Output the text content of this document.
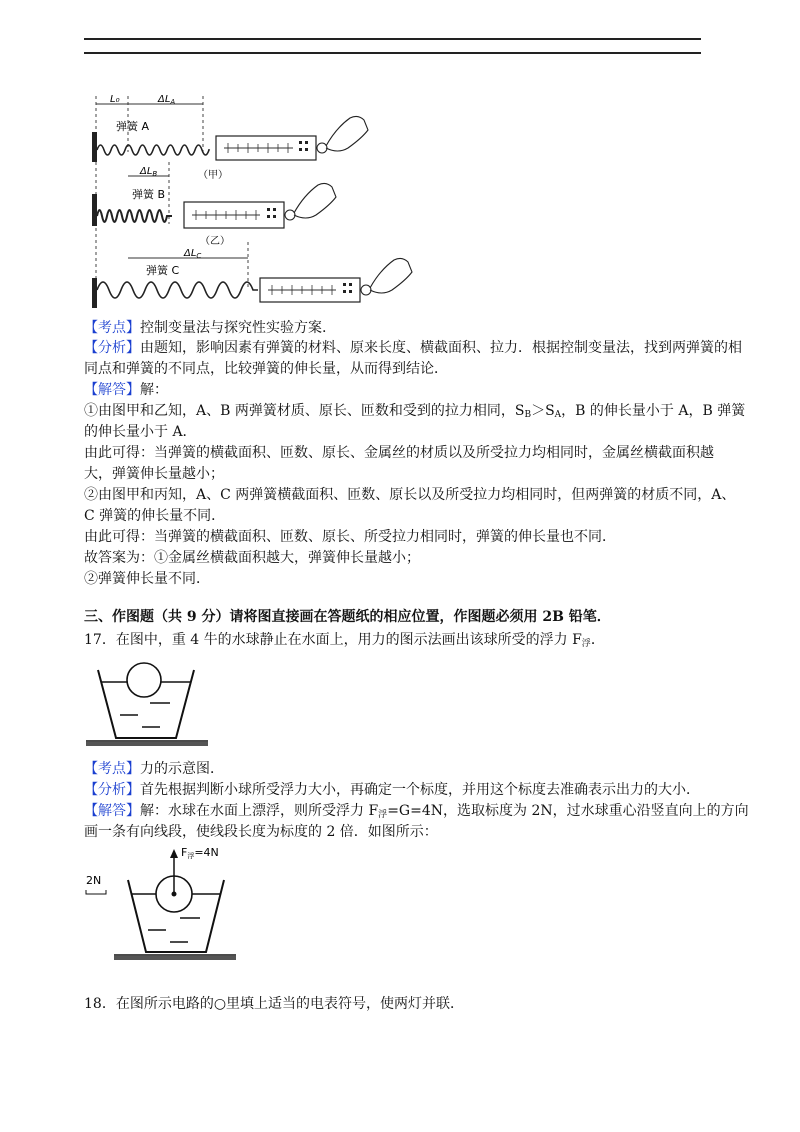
L₀	$\Delta L_A$
$\Delta L_B$
$\Delta L_C$
弹簧 A
（甲）
弹簧 B
（乙）
弹簧 C
【考点】控制变量法与探究性实验方案.
【分析】由题知，影响因素有弹簧的材料、原来长度、横截面积、拉力．根据控制变量法，找到两弹簧的相
同点和弹簧的不同点，比较弹簧的伸长量，从而得到结论．
【解答】解：
①由图甲和乙知，A、B 两弹簧材质、原长、匝数和受到的拉力相同，$S_B>S_A$，B 的伸长量小于 A，B 弹簧
的伸长量小于 A．
由此可得：当弹簧的横截面积、匝数、原长、金属丝的材质以及所受拉力均相同时，金属丝横截面积越
大，弹簧伸长量越小；
②由图甲和丙知，A、C 两弹簧横截面积、匝数、原长以及所受拉力均相同时，但两弹簧的材质不同，A、
C 弹簧的伸长量不同．
由此可得：当弹簧的横截面积、匝数、原长、所受拉力相同时，弹簧的伸长量也不同．
故答案为：①金属丝横截面积越大，弹簧伸长量越小；
②弹簧伸长量不同．
三、作图题（共 9 分）请将图直接画在答题纸的相应位置，作图题必须用 2B 铅笔．
17．在图中，重 4 牛的水球静止在水面上，用力的图示法画出该球所受的浮力 $F_浮$．
【考点】力的示意图．
【分析】首先根据判断小球所受浮力大小，再确定一个标度，并用这个标度去准确表示出力的大小．
【解答】解：水球在水面上漂浮，则所受浮力 $F_浮=G=4N$，选取标度为 2N，过水球重心沿竖直向上的方向
画一条有向线段，使线段长度为标度的 2 倍．如图所示：
2N
F浮=4N
18．在图所示电路的○里填上适当的电表符号，使两灯并联．
